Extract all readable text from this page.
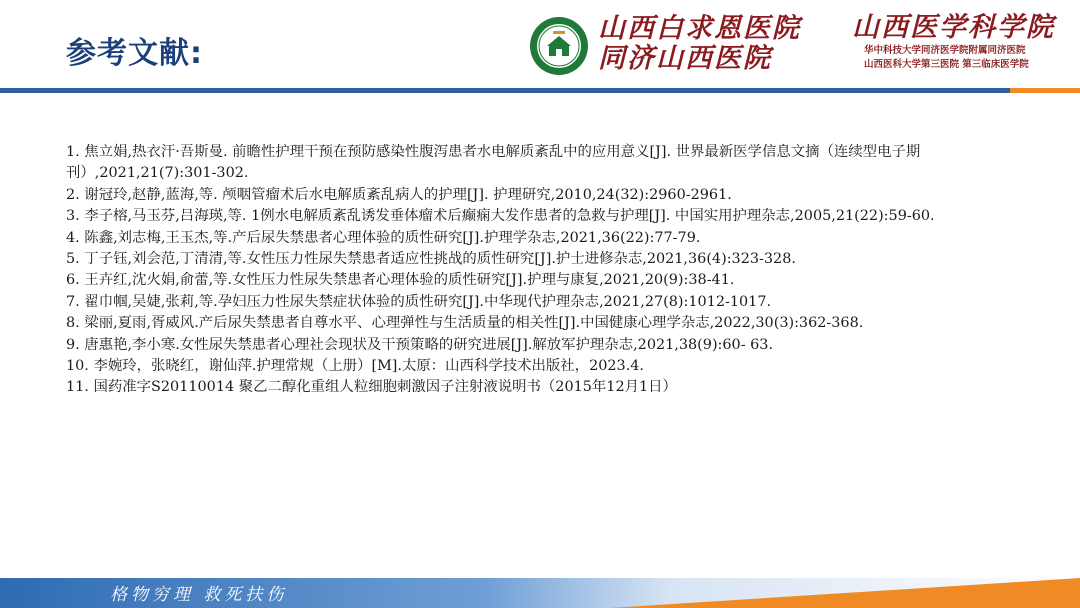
参考文献:
山西白求恩医院
同济山西医院
山西医学科学院
华中科技大学同济医学院附属同济医院
山西医科大学第三医院 第三临床医学院
1. 焦立娟,热衣汗·吾斯曼. 前瞻性护理干预在预防感染性腹泻患者水电解质紊乱中的应用意义[J]. 世界最新医学信息文摘（连续型电子期刊）,2021,21(7):301-302.
2. 谢冠玲,赵静,蓝海,等. 颅咽管瘤术后水电解质紊乱病人的护理[J]. 护理研究,2010,24(32):2960-2961.
3. 李子榕,马玉芬,吕海瑛,等. 1例水电解质紊乱诱发垂体瘤术后癫痫大发作患者的急救与护理[J]. 中国实用护理杂志,2005,21(22):59-60.
4. 陈鑫,刘志梅,王玉杰,等.产后尿失禁患者心理体验的质性研究[J].护理学杂志,2021,36(22):77-79.
5. 丁子钰,刘会范,丁清清,等.女性压力性尿失禁患者适应性挑战的质性研究[J].护士进修杂志,2021,36(4):323-328.
6. 王卉红,沈火娟,俞蕾,等.女性压力性尿失禁患者心理体验的质性研究[J].护理与康复,2021,20(9):38-41.
7. 翟巾帼,吴婕,张莉,等.孕妇压力性尿失禁症状体验的质性研究[J].中华现代护理杂志,2021,27(8):1012-1017.
8. 梁丽,夏雨,胥威风.产后尿失禁患者自尊水平、心理弹性与生活质量的相关性[J].中国健康心理学杂志,2022,30(3):362-368.
9. 唐惠艳,李小寒.女性尿失禁患者心理社会现状及干预策略的研究进展[J].解放军护理杂志,2021,38(9):60- 63.
10. 李婉玲，张晓红，谢仙萍.护理常规（上册）[M].太原：山西科学技术出版社，2023.4.
11. 国药准字S20110014 聚乙二醇化重组人粒细胞刺激因子注射液说明书（2015年12月1日）
格物穷理 救死扶伤
